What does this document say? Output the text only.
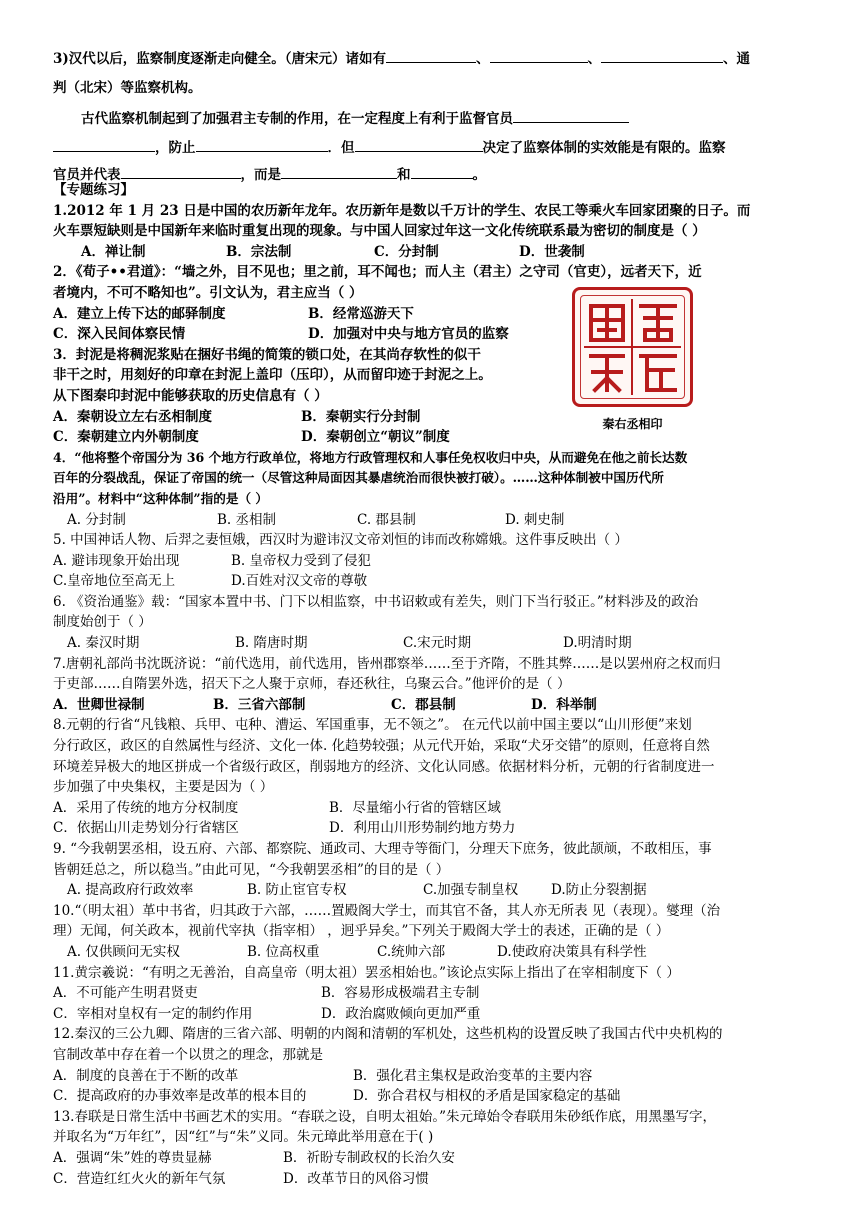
3)汉代以后，监察制度逐渐走向健全。（唐宋元）诸如有	、	、	、通
判（北宋）等监察机构。
古代监察机制起到了加强君主专制的作用，在一定程度上有利于监督官员
，防止	．但	决定了监察体制的实效能是有限的。监察
官员并代表	，而是	和	。
【专题练习】
1.2012 年 1 月 23 日是中国的农历新年龙年。农历新年是数以千万计的学生、农民工等乘火车回家团聚的日子。而
火车票短缺则是中国新年来临时重复出现的现象。与中国人回家过年这一文化传统联系最为密切的制度是（ ）
A．禅让制	B．宗法制	C．分封制	D．世袭制
2．《荀子••君道》：“墙之外，目不见也；里之前，耳不闻也；而人主（君主）之守司（官吏），远者天下，近
者境内，不可不略知也”。引文认为，君主应当（ ）
A．建立上传下达的邮驿制度	B．经常巡游天下
C．深入民间体察民情	D．加强对中央与地方官员的监察
3．封泥是将稠泥浆贴在捆好书绳的简策的锁口处，在其尚存软性的似干
非干之时，用刻好的印章在封泥上盖印（压印），从而留印迹于封泥之上。
从下图秦印封泥中能够获取的历史信息有（ ）
A．秦朝设立左右丞相制度	B．秦朝实行分封制
C．秦朝建立内外朝制度	D．秦朝创立“朝议”制度
4．“他将整个帝国分为 36 个地方行政单位，将地方行政管理权和人事任免权收归中央，从而避免在他之前长达数
百年的分裂战乱，保证了帝国的统一（尽管这种局面因其暴虐统治而很快被打破）。……这种体制被中国历代所
沿用”。材料中“这种体制”指的是（ ）
A. 分封制	B. 丞相制	C. 郡县制	D. 刺史制
5. 中国神话人物、后羿之妻恒娥，西汉时为避讳汉文帝刘恒的讳而改称嫦娥。这件事反映出（ ）
A. 避讳现象开始出现	B. 皇帝权力受到了侵犯
C.皇帝地位至高无上	D.百姓对汉文帝的尊敬
6. 《资治通鉴》载：“国家本置中书、门下以相监察，中书诏敕或有差失，则门下当行驳正。”材料涉及的政治
制度始创于（ ）
A. 秦汉时期	B. 隋唐时期	C.宋元时期	D.明清时期
7.唐朝礼部尚书沈既济说：“前代选用，前代选用，皆州郡察举……至于齐隋，不胜其弊……是以罢州府之权而归
于吏部……自隋罢外选，招天下之人聚于京师，春还秋往，乌聚云合。”他评价的是（ ）
A．世卿世禄制	B．三省六部制	C．郡县制	D．科举制
8.元朝的行省“凡钱粮、兵甲、屯种、漕运、军国重事，无不领之”。 在元代以前中国主要以“山川形便”来划
分行政区，政区的自然属性与经济、文化一体. 化趋势较强；从元代开始，采取“犬牙交错”的原则，任意将自然
环境差异极大的地区拼成一个省级行政区，削弱地方的经济、文化认同感。依据材料分析，元朝的行省制度进一
步加强了中央集权，主要是因为（ ）
A．采用了传统的地方分权制度	B．尽量缩小行省的管辖区域
C．依据山川走势划分行省辖区	D．利用山川形势制约地方势力
9. “今我朝罢丞相，设五府、六部、都察院、通政司、大理寺等衙门，分理天下庶务，彼此颉颃，不敢相压，事
皆朝廷总之，所以稳当。”由此可见，“今我朝罢丞相”的目的是（ ）
A. 提高政府行政效率	B. 防止宦官专权	C.加强专制皇权	D.防止分裂割据
10.“（明太祖）革中书省，归其政于六部，……置殿阁大学士，而其官不备，其人亦无所表 见（表现）。燮理（治
理）无闻，何关政本，视前代宰执（指宰相） ，迥乎异矣。”下列关于殿阁大学士的表述，正确的是（ ）
A. 仅供顾问无实权	B. 位高权重	C.统帅六部	D.使政府决策具有科学性
11.黄宗羲说：“有明之无善治，自高皇帝（明太祖）罢丞相始也。”该论点实际上指出了在宰相制度下（ ）
A．不可能产生明君贤吏	B．容易形成极端君主专制
C．宰相对皇权有一定的制约作用	D．政治腐败倾向更加严重
12.秦汉的三公九卿、隋唐的三省六部、明朝的内阁和清朝的军机处，这些机构的设置反映了我国古代中央机构的
官制改革中存在着一个以贯之的理念，那就是
A．制度的良善在于不断的改革	B．强化君主集权是政治变革的主要内容
C．提高政府的办事效率是改革的根本目的	D．弥合君权与相权的矛盾是国家稳定的基础
13.春联是日常生活中书画艺术的实用。“春联之设，自明太祖始。”朱元璋始令春联用朱砂纸作底，用黑墨写字，
并取名为“万年红”，因“红”与“朱”义同。朱元璋此举用意在于( )
A．强调“朱”姓的尊贵显赫	B．祈盼专制政权的长治久安
C．营造红红火火的新年气氛	D．改革节日的风俗习惯
秦右丞相印
